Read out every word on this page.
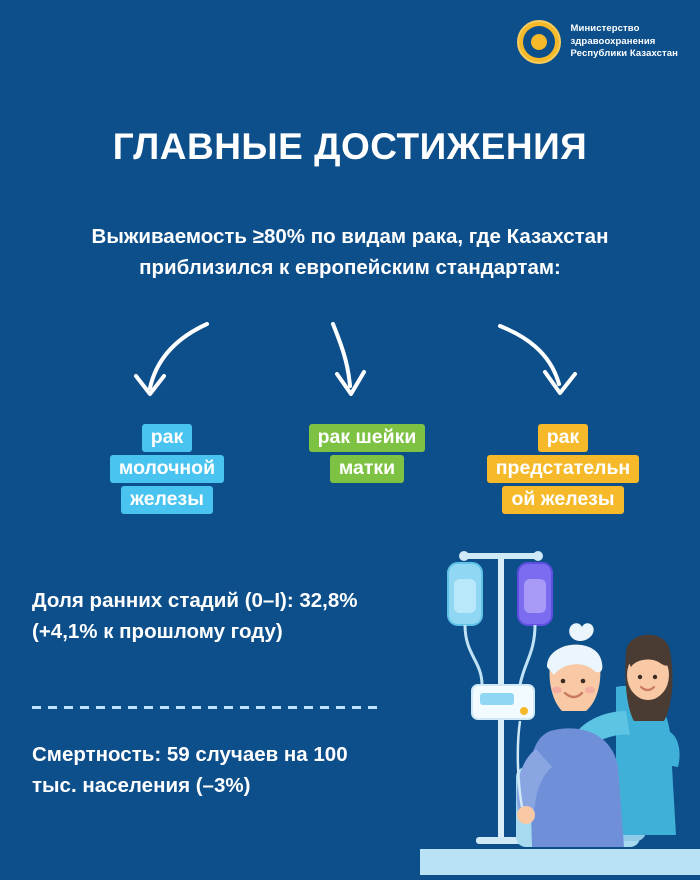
Министерство
здравоохранения
Республики Казахстан
ГЛАВНЫЕ ДОСТИЖЕНИЯ
Выживаемость ≥80% по видам рака, где Казахстан приблизился к европейским стандартам:
рак
молочной
железы
рак шейки
матки
рак
предстательн
ой железы
Доля ранних стадий (0–I): 32,8% (+4,1% к прошлому году)
Смертность: 59 случаев на 100 тыс. населения (–3%)
